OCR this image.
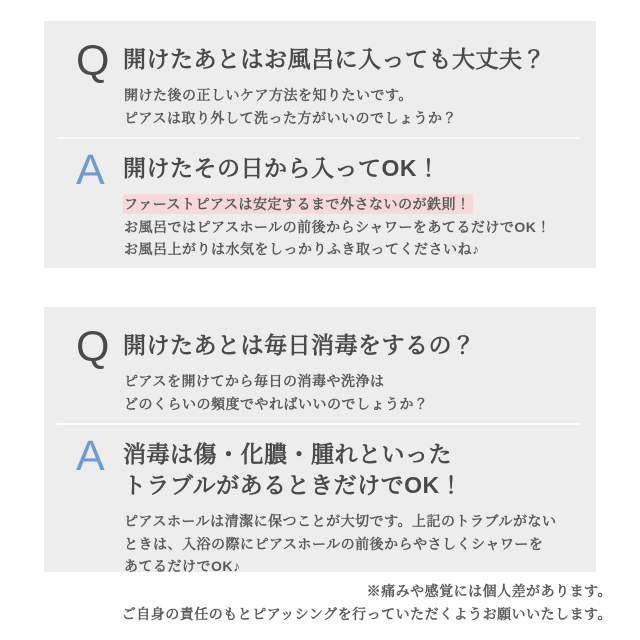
Q 開けたあとはお風呂に入っても大丈夫？

開けた後の正しいケア方法を知りたいです。
ピアスは取り外して洗った方がいいのでしょうか？

A 開けたその日から入ってOK！

ファーストピアスは安定するまで外さないのが鉄則！
お風呂ではピアスホールの前後からシャワーをあてるだけでOK！
お風呂上がりは水気をしっかりふき取ってくださいね♪

Q 開けたあとは毎日消毒をするの？

ピアスを開けてから毎日の消毒や洗浄は
どのくらいの頻度でやればいいのでしょうか？

A 消毒は傷・化膿・腫れといった
トラブルがあるときだけでOK！

ピアスホールは清潔に保つことが大切です。上記のトラブルがない
ときは、入浴の際にピアスホールの前後からやさしくシャワーを
あてるだけでOK♪

※痛みや感覚には個人差があります。
ご自身の責任のもとピアッシングを行っていただくようお願いいたします。
